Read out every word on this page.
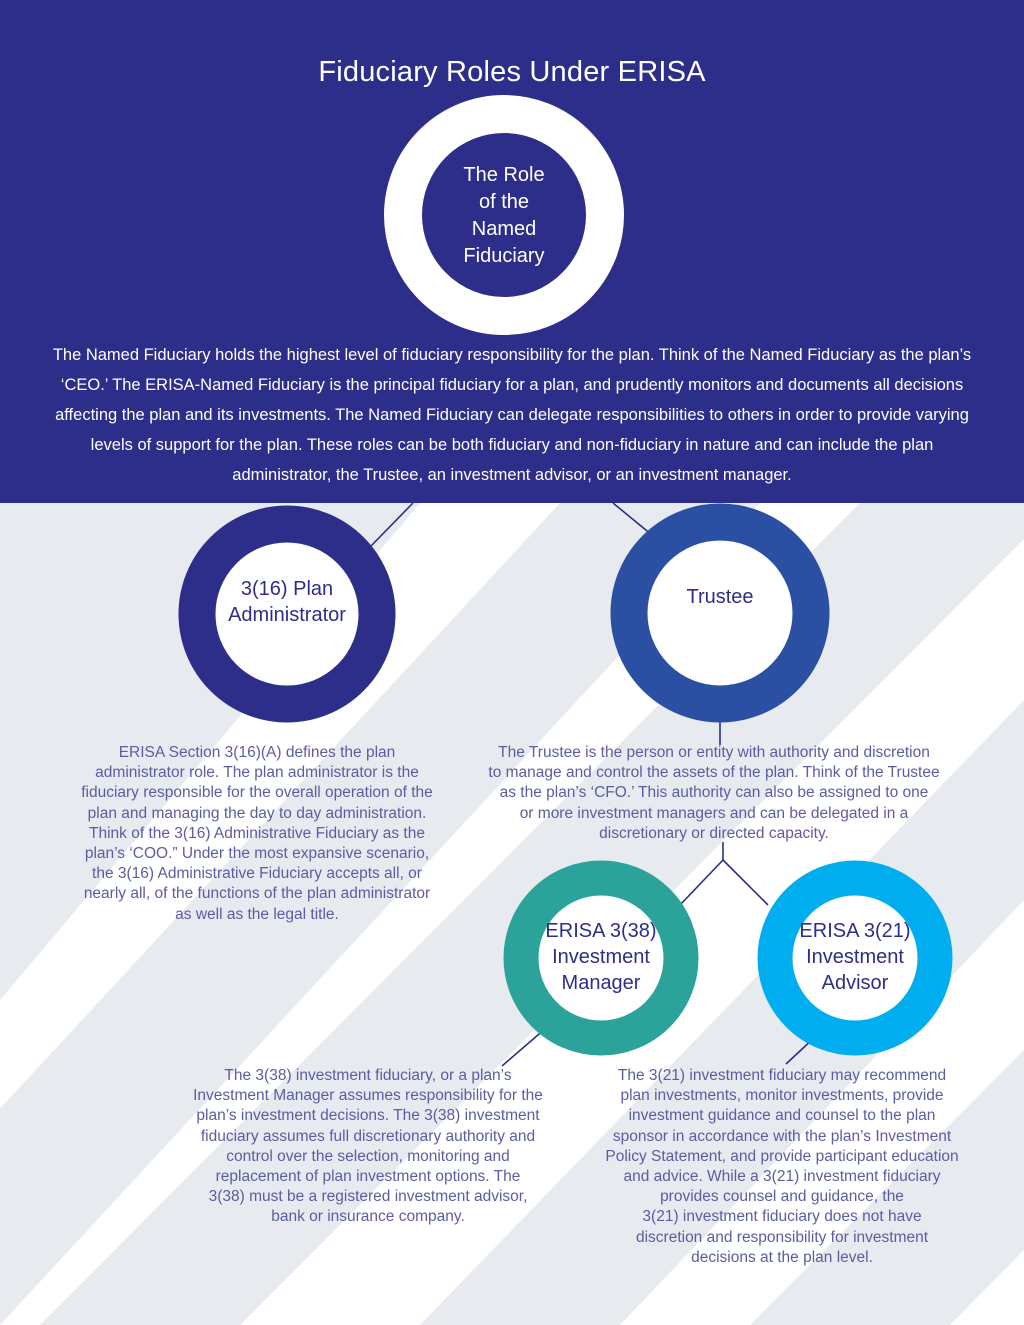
Fiduciary Roles Under ERISA
The Role
of the
Named
Fiduciary
The Named Fiduciary holds the highest level of fiduciary responsibility for the plan. Think of the Named Fiduciary as the plan’s ‘CEO.’ The ERISA-Named Fiduciary is the principal fiduciary for a plan, and prudently monitors and documents all decisions affecting the plan and its investments. The Named Fiduciary can delegate responsibilities to others in order to provide varying levels of support for the plan. These roles can be both fiduciary and non-fiduciary in nature and can include the plan administrator, the Trustee, an investment advisor, or an investment manager.
3(16) Plan
Administrator
ERISA Section 3(16)(A) defines the plan
administrator role. The plan administrator is the
fiduciary responsible for the overall operation of the
plan and managing the day to day administration.
Think of the 3(16) Administrative Fiduciary as the
plan’s ‘COO.” Under the most expansive scenario,
the 3(16) Administrative Fiduciary accepts all, or
nearly all, of the functions of the plan administrator
as well as the legal title.
Trustee
The Trustee is the person or entity with authority and discretion
to manage and control the assets of the plan. Think of the Trustee
as the plan’s ‘CFO.’ This authority can also be assigned to one
or more investment managers and can be delegated in a
discretionary or directed capacity.
ERISA 3(38)
Investment
Manager
The 3(38) investment fiduciary, or a plan’s
Investment Manager assumes responsibility for the
plan’s investment decisions. The 3(38) investment
fiduciary assumes full discretionary authority and
control over the selection, monitoring and
replacement of plan investment options. The
3(38) must be a registered investment advisor,
bank or insurance company.
ERISA 3(21)
Investment
Advisor
The 3(21) investment fiduciary may recommend
plan investments, monitor investments, provide
investment guidance and counsel to the plan
sponsor in accordance with the plan’s Investment
Policy Statement, and provide participant education
and advice. While a 3(21) investment fiduciary
provides counsel and guidance, the
3(21) investment fiduciary does not have
discretion and responsibility for investment
decisions at the plan level.
